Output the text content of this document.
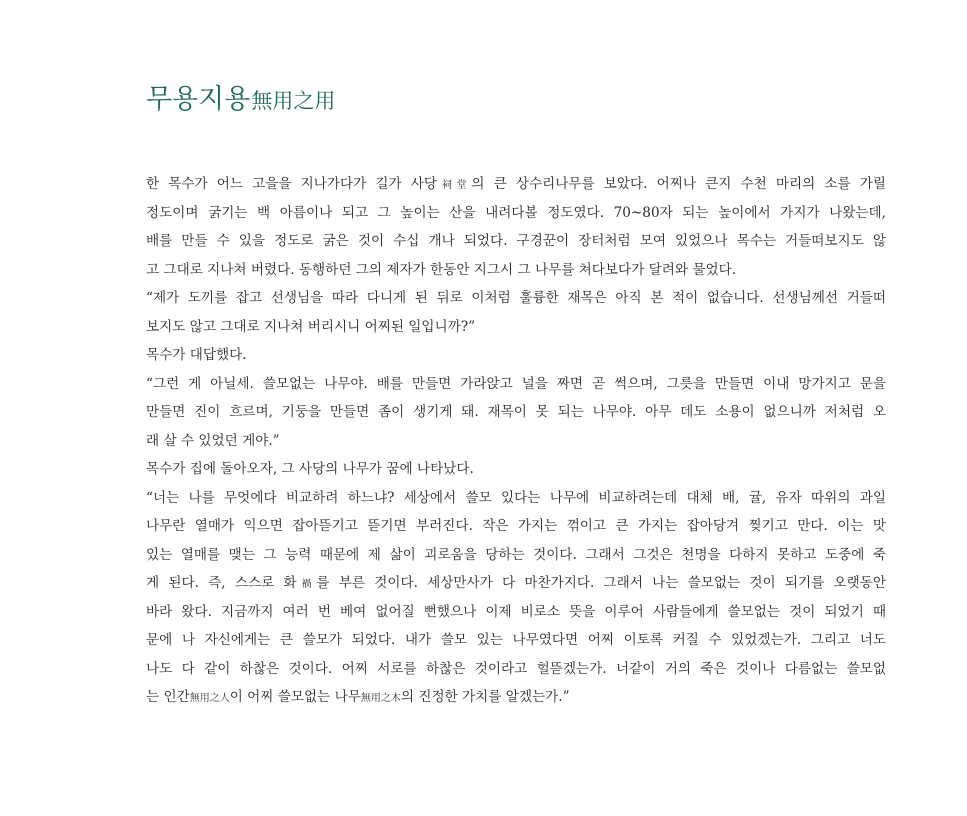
무용지용無用之用
한 목수가 어느 고을을 지나가다가 길가 사당祠堂의 큰 상수리나무를 보았다. 어찌나 큰지 수천 마리의 소를 가릴
정도이며 굵기는 백 아름이나 되고 그 높이는 산을 내려다볼 정도였다. 70~80자 되는 높이에서 가지가 나왔는데,
배를 만들 수 있을 정도로 굵은 것이 수십 개나 되었다. 구경꾼이 장터처럼 모여 있었으나 목수는 거들떠보지도 않
고 그대로 지나쳐 버렸다. 동행하던 그의 제자가 한동안 지그시 그 나무를 쳐다보다가 달려와 물었다.
“제가 도끼를 잡고 선생님을 따라 다니게 된 뒤로 이처럼 훌륭한 재목은 아직 본 적이 없습니다. 선생님께선 거들떠
보지도 않고 그대로 지나쳐 버리시니 어찌된 일입니까?”
목수가 대답했다.
“그런 게 아닐세. 쓸모없는 나무야. 배를 만들면 가라앉고 널을 짜면 곧 썩으며, 그릇을 만들면 이내 망가지고 문을
만들면 진이 흐르며, 기둥을 만들면 좀이 생기게 돼. 재목이 못 되는 나무야. 아무 데도 소용이 없으니까 저처럼 오
래 살 수 있었던 게야.”
목수가 집에 돌아오자, 그 사당의 나무가 꿈에 나타났다.
“너는 나를 무엇에다 비교하려 하느냐? 세상에서 쓸모 있다는 나무에 비교하려는데 대체 배, 귤, 유자 따위의 과일
나무란 열매가 익으면 잡아뜯기고 뜯기면 부러진다. 작은 가지는 꺾이고 큰 가지는 잡아당겨 찢기고 만다. 이는 맛
있는 열매를 맺는 그 능력 때문에 제 삶이 괴로움을 당하는 것이다. 그래서 그것은 천명을 다하지 못하고 도중에 죽
게 된다. 즉, 스스로 화禍를 부른 것이다. 세상만사가 다 마찬가지다. 그래서 나는 쓸모없는 것이 되기를 오랫동안
바라 왔다. 지금까지 여러 번 베여 없어질 뻔했으나 이제 비로소 뜻을 이루어 사람들에게 쓸모없는 것이 되었기 때
문에 나 자신에게는 큰 쓸모가 되었다. 내가 쓸모 있는 나무였다면 어찌 이토록 커질 수 있었겠는가. 그리고 너도
나도 다 같이 하찮은 것이다. 어찌 서로를 하찮은 것이라고 헐뜯겠는가. 너같이 거의 죽은 것이나 다름없는 쓸모없
는 인간無用之人이 어찌 쓸모없는 나무無用之木의 진정한 가치를 알겠는가.”
